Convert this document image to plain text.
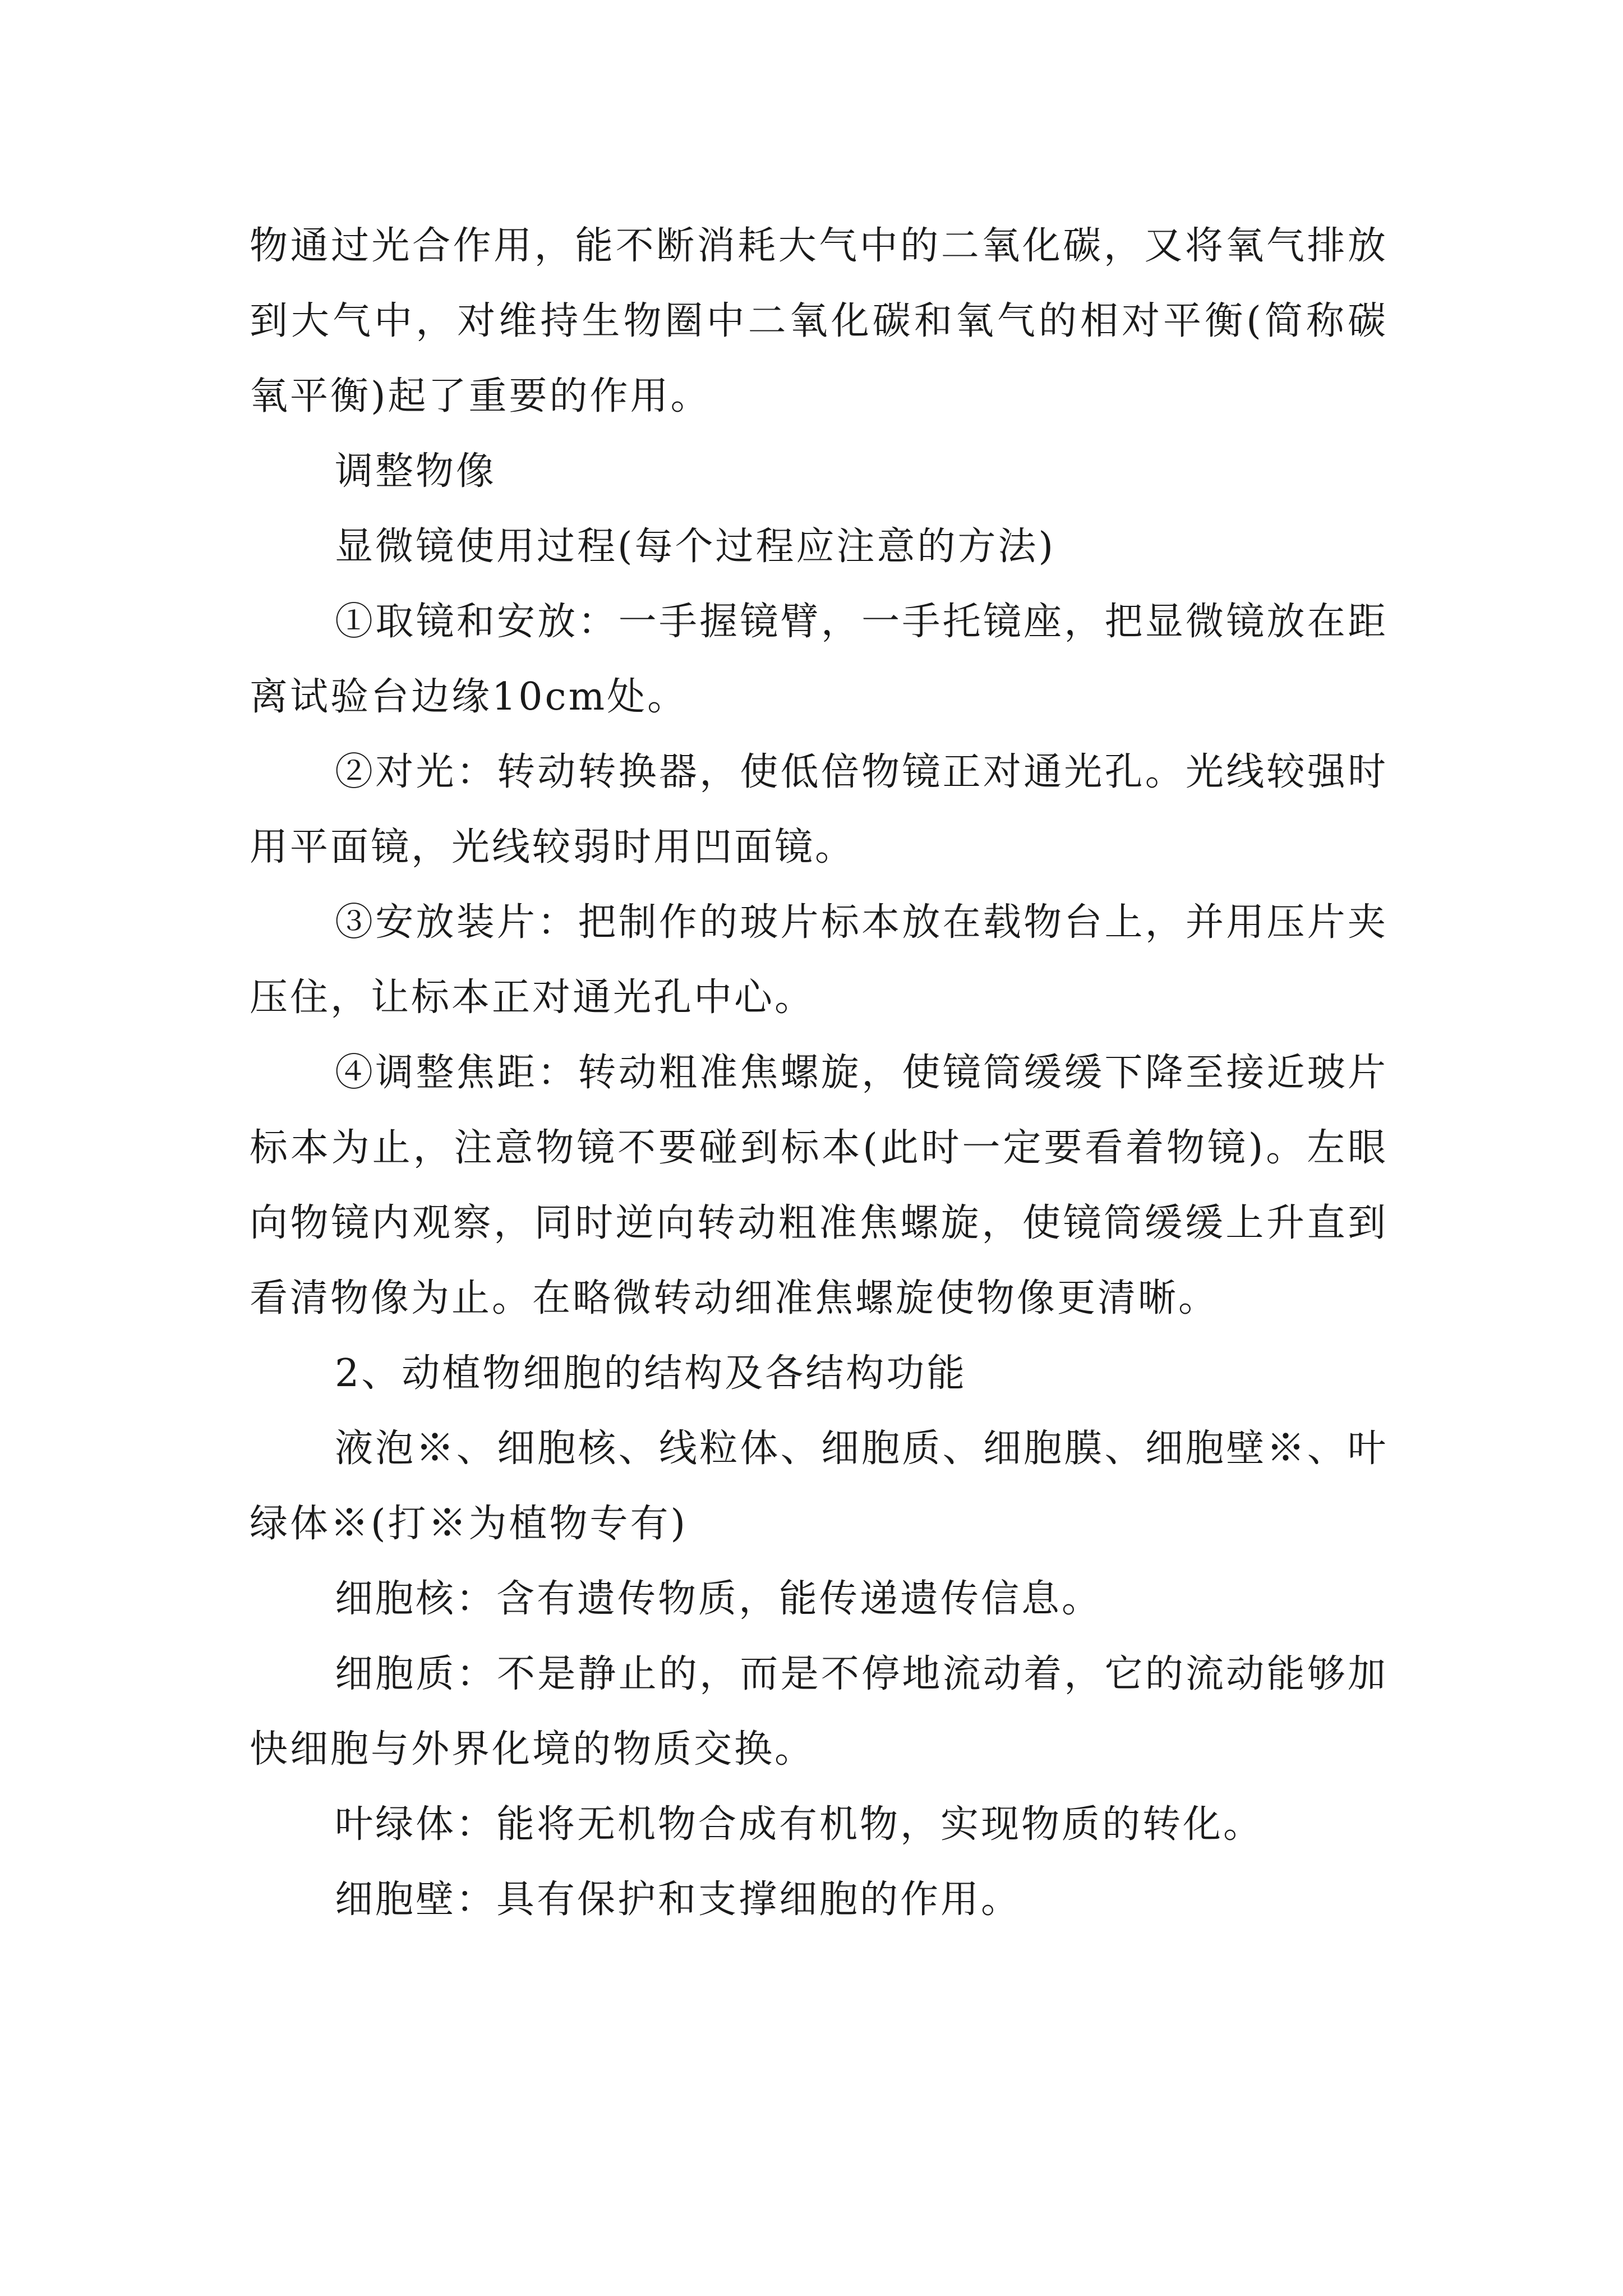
物通过光合作用，能不断消耗大气中的二氧化碳，又将氧气排放到大气中，对维持生物圈中二氧化碳和氧气的相对平衡(简称碳氧平衡)起了重要的作用。

调整物像

显微镜使用过程(每个过程应注意的方法)

①取镜和安放：一手握镜臂，一手托镜座，把显微镜放在距离试验台边缘10cm处。

②对光：转动转换器，使低倍物镜正对通光孔。光线较强时用平面镜，光线较弱时用凹面镜。

③安放装片：把制作的玻片标本放在载物台上，并用压片夹压住，让标本正对通光孔中心。

④调整焦距：转动粗准焦螺旋，使镜筒缓缓下降至接近玻片标本为止，注意物镜不要碰到标本(此时一定要看着物镜)。左眼向物镜内观察，同时逆向转动粗准焦螺旋，使镜筒缓缓上升直到看清物像为止。在略微转动细准焦螺旋使物像更清晰。

2、动植物细胞的结构及各结构功能

液泡※、细胞核、线粒体、细胞质、细胞膜、细胞壁※、叶绿体※(打※为植物专有)

细胞核：含有遗传物质，能传递遗传信息。

细胞质：不是静止的，而是不停地流动着，它的流动能够加快细胞与外界化境的物质交换。

叶绿体：能将无机物合成有机物，实现物质的转化。

细胞壁：具有保护和支撑细胞的作用。
